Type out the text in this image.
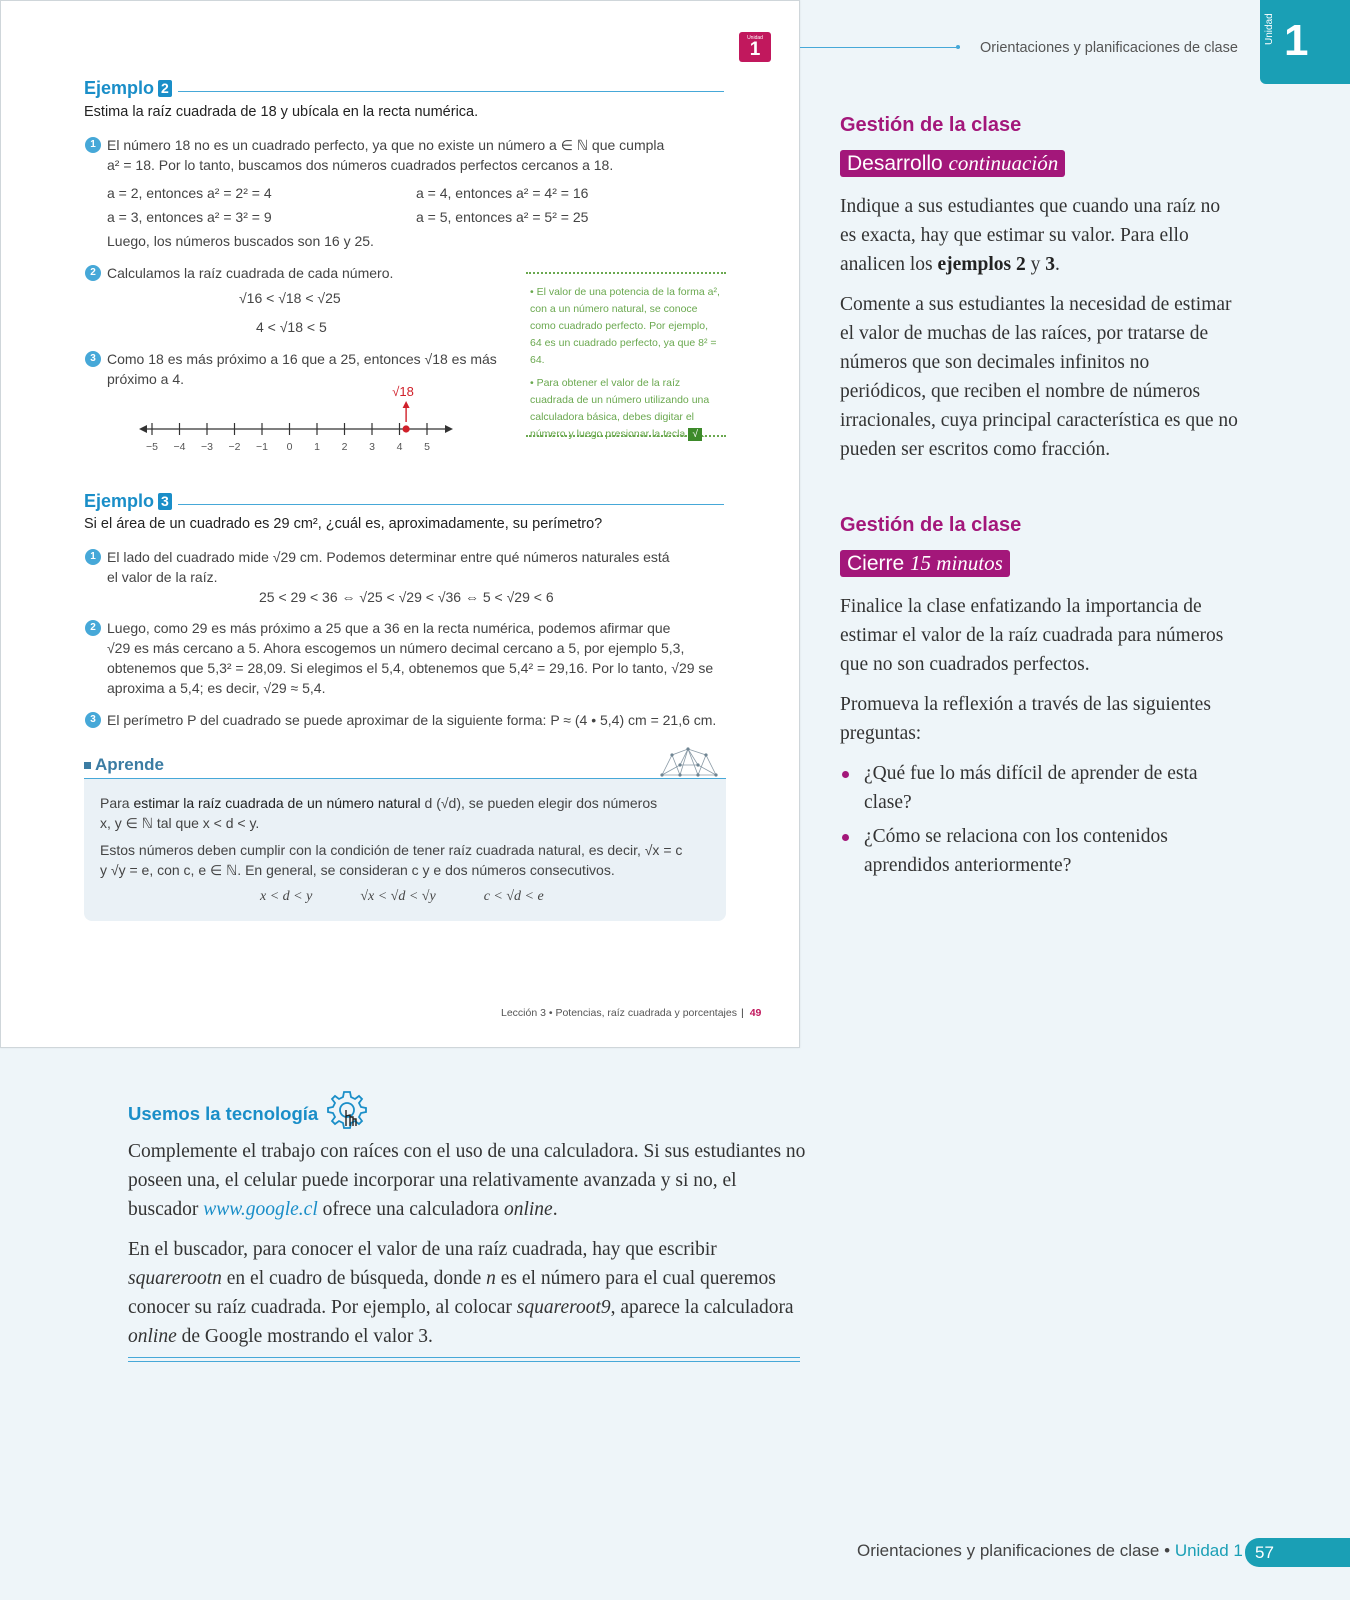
Unidad
1
Ejemplo 2
Estima la raíz cuadrada de 18 y ubícala en la recta numérica.
1 El número 18 no es un cuadrado perfecto, ya que no existe un número a ∈ ℕ que cumpla
a² = 18. Por lo tanto, buscamos dos números cuadrados perfectos cercanos a 18.
a = 2, entonces a² = 2² = 4	a = 4, entonces a² = 4² = 16
a = 3, entonces a² = 3² = 9	a = 5, entonces a² = 5² = 25
Luego, los números buscados son 16 y 25.
2 Calculamos la raíz cuadrada de cada número.
√16 < √18 < √25
4 < √18 < 5
3 Como 18 es más próximo a 16 que a 25, entonces √18 es más
próximo a 4.
−5 −4 −3 −2 −1 0 1 2 3 4 5
√18
• El valor de una potencia de la forma a², con a un número natural, se conoce como cuadrado perfecto. Por ejemplo, 64 es un cuadrado perfecto, ya que 8² = 64.
• Para obtener el valor de la raíz cuadrada de un número utilizando una calculadora básica, debes digitar el número y luego presionar la tecla √ .
Ejemplo 3
Si el área de un cuadrado es 29 cm², ¿cuál es, aproximadamente, su perímetro?
1 El lado del cuadrado mide √29 cm. Podemos determinar entre qué números naturales está
el valor de la raíz.
25 < 29 < 36 ⇔ √25 < √29 < √36 ⇔ 5 < √29 < 6
2 Luego, como 29 es más próximo a 25 que a 36 en la recta numérica, podemos afirmar que
√29 es más cercano a 5. Ahora escogemos un número decimal cercano a 5, por ejemplo 5,3,
obtenemos que 5,3² = 28,09. Si elegimos el 5,4, obtenemos que 5,4² = 29,16. Por lo tanto, √29 se
aproxima a 5,4; es decir, √29 ≈ 5,4.
3 El perímetro P del cuadrado se puede aproximar de la siguiente forma: P ≈ (4 • 5,4) cm = 21,6 cm.
Aprende
Para estimar la raíz cuadrada de un número natural d (√d), se pueden elegir dos números
x, y ∈ ℕ tal que x < d < y.
Estos números deben cumplir con la condición de tener raíz cuadrada natural, es decir, √x = c
y √y = e, con c, e ∈ ℕ. En general, se consideran c y e dos números consecutivos.
x < d < y	√x < √d < √y	c < √d < e
Lección 3 • Potencias, raíz cuadrada y porcentajes | 49
Orientaciones y planificaciones de clase
Unidad 1
Gestión de la clase
Desarrollo continuación
Indique a sus estudiantes que cuando una raíz no es exacta, hay que estimar su valor. Para ello analicen los ejemplos 2 y 3.
Comente a sus estudiantes la necesidad de estimar el valor de muchas de las raíces, por tratarse de números que son decimales infinitos no periódicos, que reciben el nombre de números irracionales, cuya principal característica es que no pueden ser escritos como fracción.
Gestión de la clase
Cierre 15 minutos
Finalice la clase enfatizando la importancia de estimar el valor de la raíz cuadrada para números que no son cuadrados perfectos.
Promueva la reflexión a través de las siguientes preguntas:
¿Qué fue lo más difícil de aprender de esta clase?
¿Cómo se relaciona con los contenidos aprendidos anteriormente?
Usemos la tecnología
Complemente el trabajo con raíces con el uso de una calculadora. Si sus estudiantes no poseen una, el celular puede incorporar una relativamente avanzada y si no, el buscador www.google.cl ofrece una calculadora online.
En el buscador, para conocer el valor de una raíz cuadrada, hay que escribir squarerootn en el cuadro de búsqueda, donde n es el número para el cual queremos conocer su raíz cuadrada. Por ejemplo, al colocar squareroot9, aparece la calculadora online de Google mostrando el valor 3.
Orientaciones y planificaciones de clase • Unidad 1 57
